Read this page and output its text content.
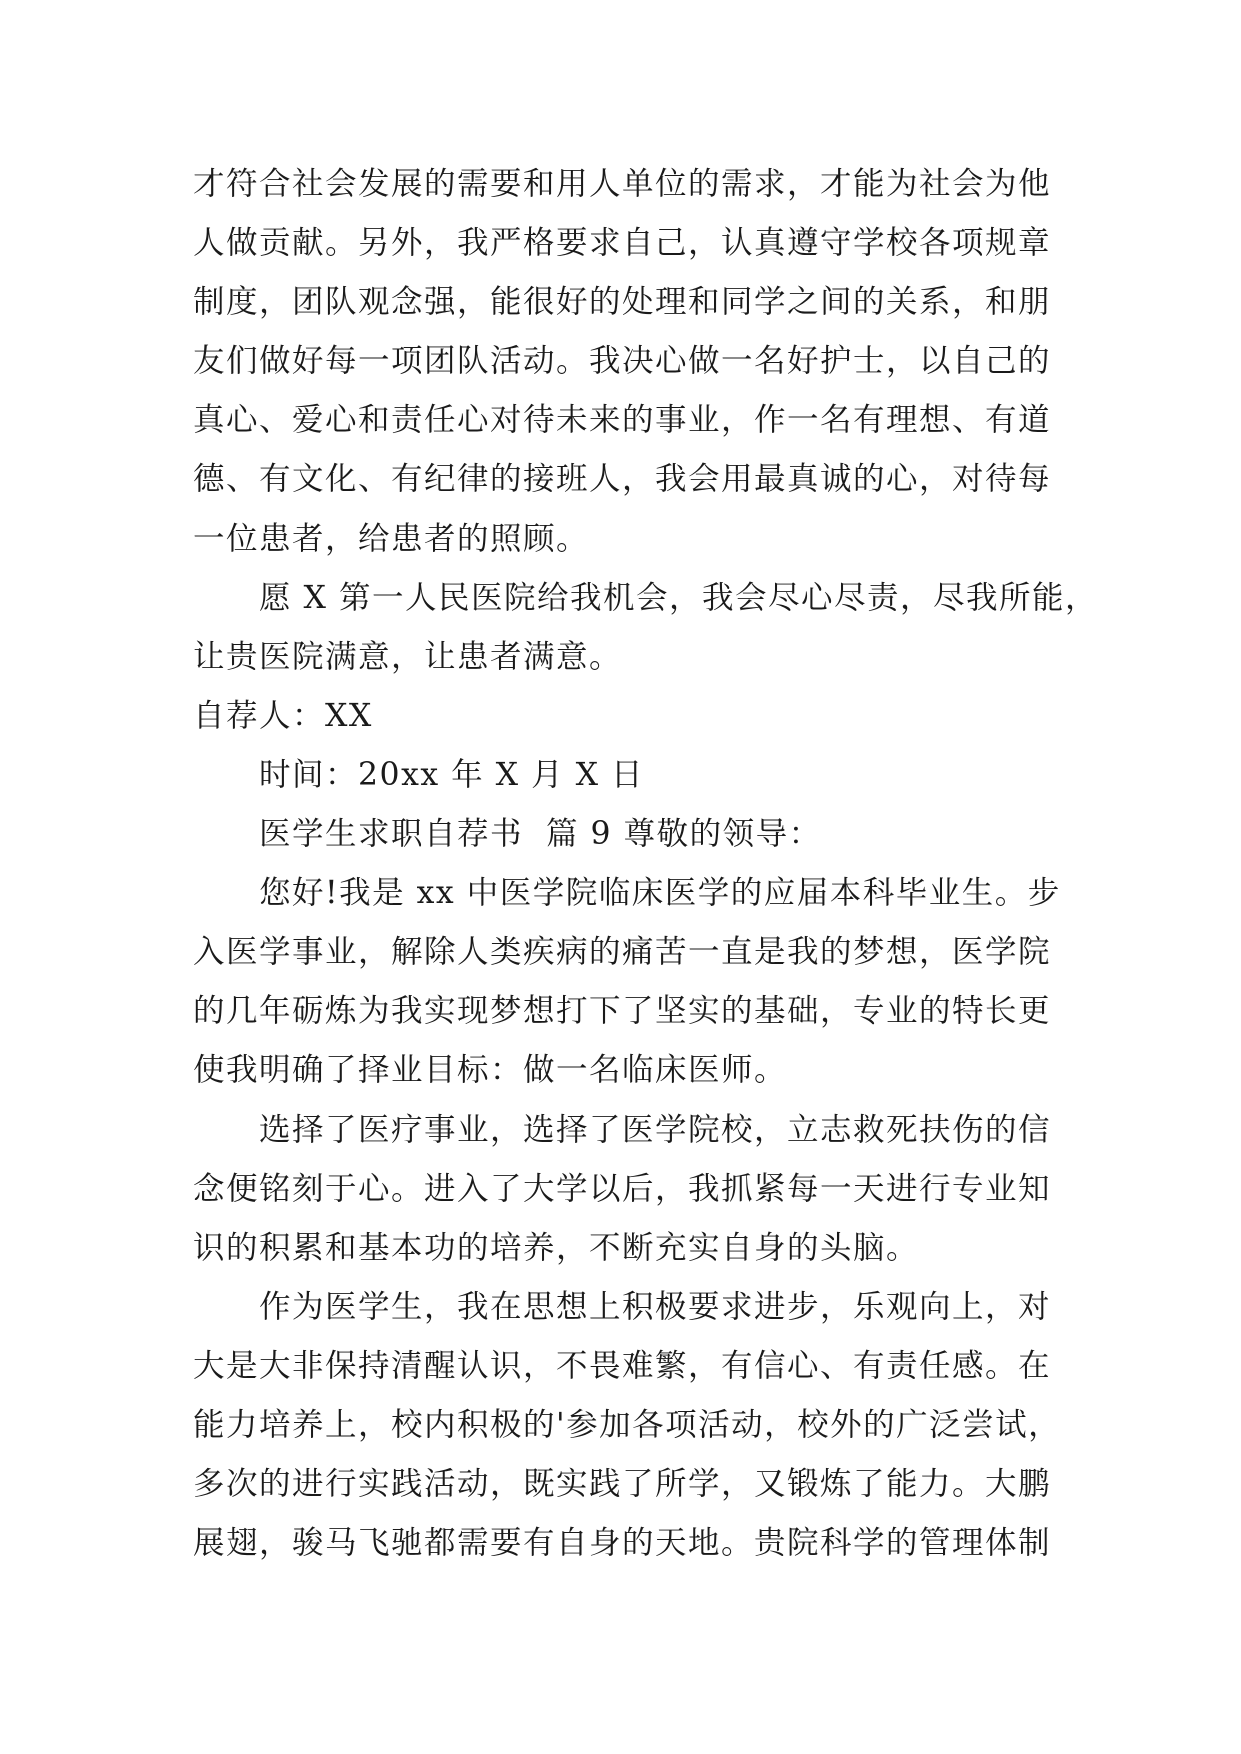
才符合社会发展的需要和用人单位的需求，才能为社会为他
人做贡献。另外，我严格要求自己，认真遵守学校各项规章
制度，团队观念强，能很好的处理和同学之间的关系，和朋
友们做好每一项团队活动。我决心做一名好护士，以自己的
真心、爱心和责任心对待未来的事业，作一名有理想、有道
德、有文化、有纪律的接班人，我会用最真诚的心，对待每
一位患者，给患者的照顾。
　　愿 X 第一人民医院给我机会，我会尽心尽责，尽我所能，
让贵医院满意，让患者满意。
自荐人：XX
　　时间：20xx 年 X 月 X 日
　　医学生求职自荐书  篇 9 尊敬的领导：
　　您好!我是 xx 中医学院临床医学的应届本科毕业生。步
入医学事业，解除人类疾病的痛苦一直是我的梦想，医学院
的几年砺炼为我实现梦想打下了坚实的基础，专业的特长更
使我明确了择业目标：做一名临床医师。
　　选择了医疗事业，选择了医学院校，立志救死扶伤的信
念便铭刻于心。进入了大学以后，我抓紧每一天进行专业知
识的积累和基本功的培养，不断充实自身的头脑。
　　作为医学生，我在思想上积极要求进步，乐观向上，对
大是大非保持清醒认识，不畏难繁，有信心、有责任感。在
能力培养上，校内积极的'参加各项活动，校外的广泛尝试，
多次的进行实践活动，既实践了所学，又锻炼了能力。大鹏
展翅，骏马飞驰都需要有自身的天地。贵院科学的管理体制
